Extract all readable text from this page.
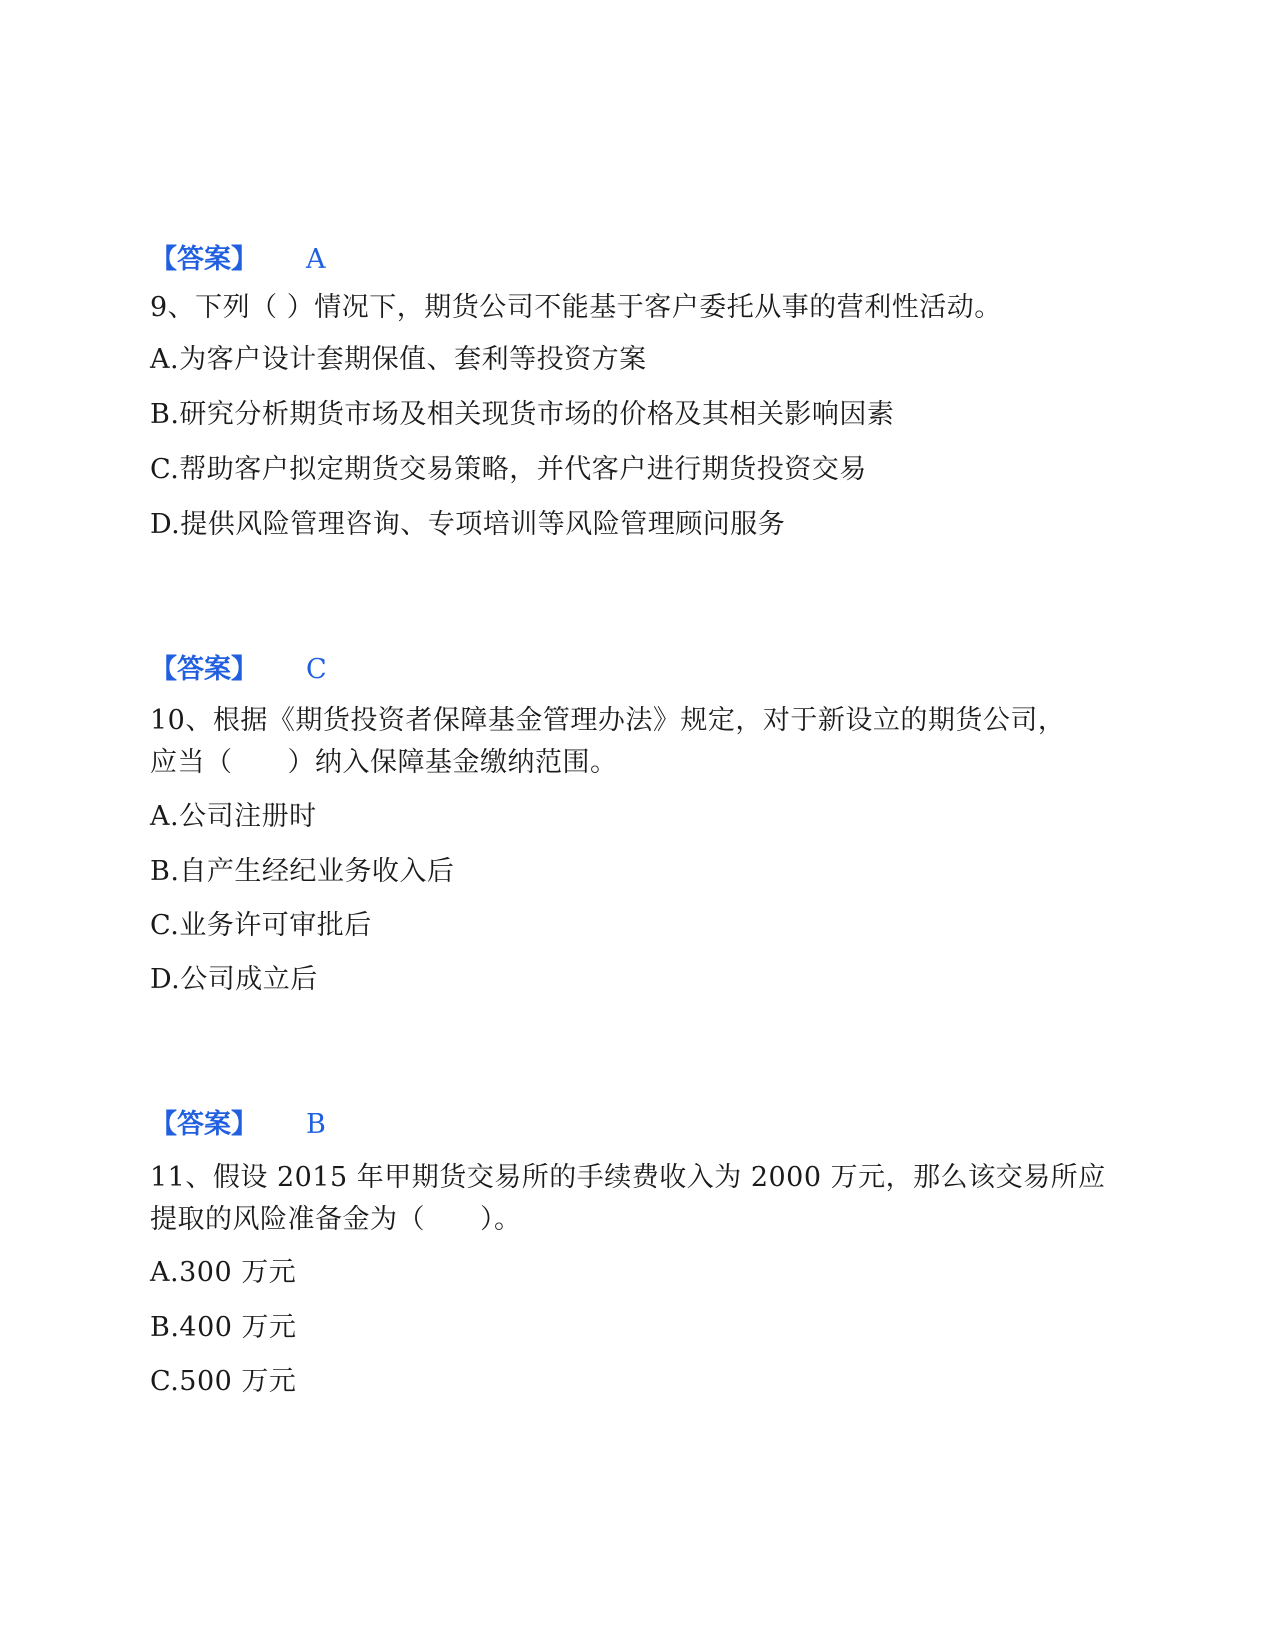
【答案】 A

9、下列（ ）情况下，期货公司不能基于客户委托从事的营利性活动。

A.为客户设计套期保值、套利等投资方案
B.研究分析期货市场及相关现货市场的价格及其相关影响因素
C.帮助客户拟定期货交易策略，并代客户进行期货投资交易
D.提供风险管理咨询、专项培训等风险管理顾问服务
【答案】 C

10、根据《期货投资者保障基金管理办法》规定，对于新设立的期货公司，

应当（　　）纳入保障基金缴纳范围。

A.公司注册时
B.自产生经纪业务收入后
C.业务许可审批后
D.公司成立后
【答案】 B

11、假设 2015 年甲期货交易所的手续费收入为 2000 万元，那么该交易所应

提取的风险准备金为（　　）。

A.300 万元
B.400 万元
C.500 万元
